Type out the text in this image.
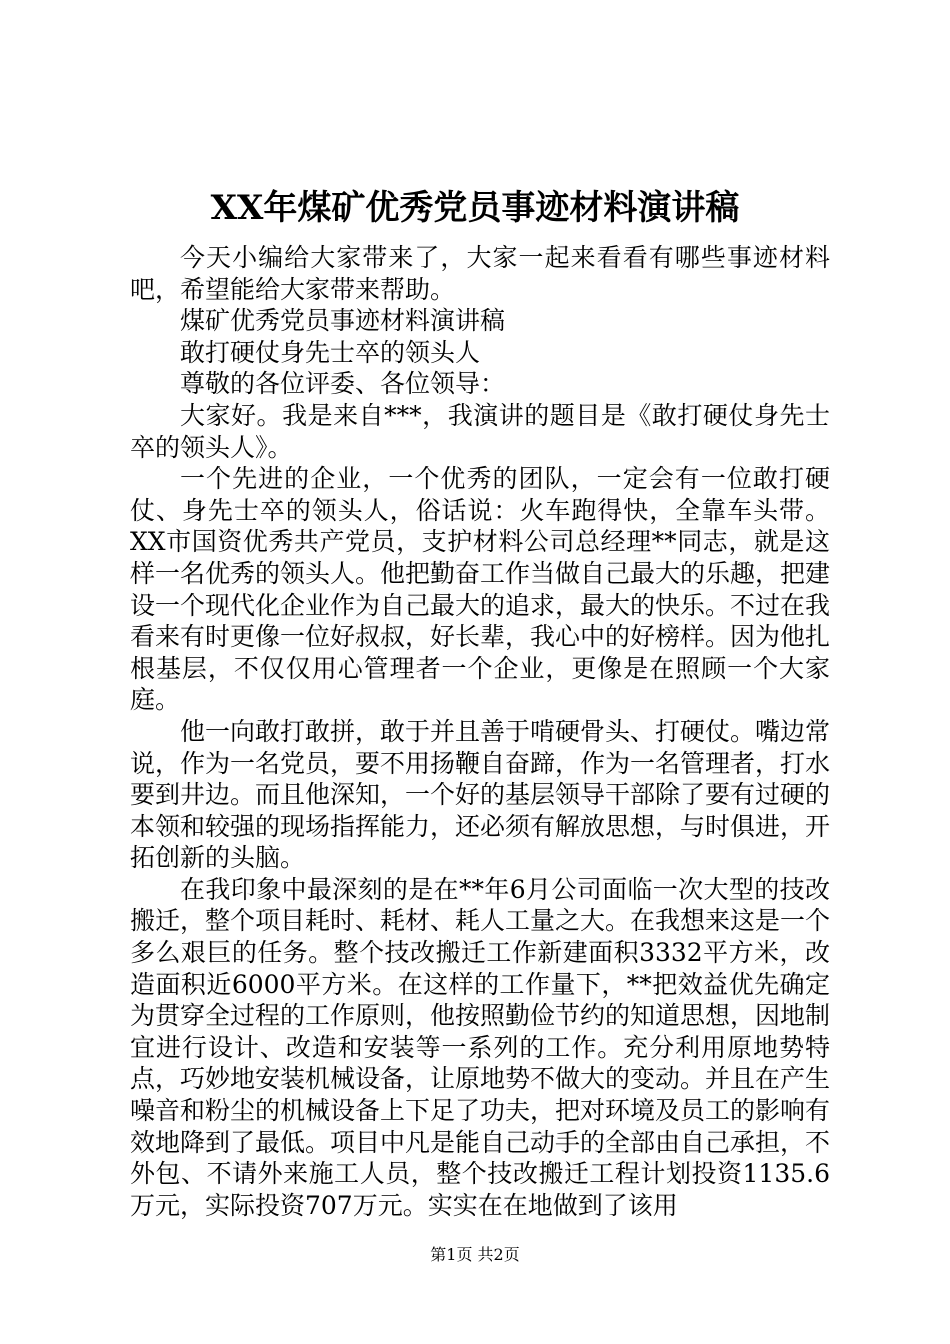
XX年煤矿优秀党员事迹材料演讲稿

今天小编给大家带来了，大家一起来看看有哪些事迹材料吧，希望能给大家带来帮助。

煤矿优秀党员事迹材料演讲稿

敢打硬仗身先士卒的领头人

尊敬的各位评委、各位领导：

大家好。我是来自***，我演讲的题目是《敢打硬仗身先士卒的领头人》。

一个先进的企业，一个优秀的团队，一定会有一位敢打硬仗、身先士卒的领头人，俗话说：火车跑得快，全靠车头带。XX市国资优秀共产党员，支护材料公司总经理**同志，就是这样一名优秀的领头人。他把勤奋工作当做自己最大的乐趣，把建设一个现代化企业作为自己最大的追求，最大的快乐。不过在我看来有时更像一位好叔叔，好长辈，我心中的好榜样。因为他扎根基层，不仅仅用心管理者一个企业，更像是在照顾一个大家庭。

他一向敢打敢拼，敢于并且善于啃硬骨头、打硬仗。嘴边常说，作为一名党员，要不用扬鞭自奋蹄，作为一名管理者，打水要到井边。而且他深知，一个好的基层领导干部除了要有过硬的本领和较强的现场指挥能力，还必须有解放思想，与时俱进，开拓创新的头脑。

在我印象中最深刻的是在**年6月公司面临一次大型的技改搬迁，整个项目耗时、耗材、耗人工量之大。在我想来这是一个多么艰巨的任务。整个技改搬迁工作新建面积3332平方米，改造面积近6000平方米。在这样的工作量下，**把效益优先确定为贯穿全过程的工作原则，他按照勤俭节约的知道思想，因地制宜进行设计、改造和安装等一系列的工作。充分利用原地势特点，巧妙地安装机械设备，让原地势不做大的变动。并且在产生噪音和粉尘的机械设备上下足了功夫，把对环境及员工的影响有效地降到了最低。项目中凡是能自己动手的全部由自己承担，不外包、不请外来施工人员，整个技改搬迁工程计划投资1135.6万元，实际投资707万元。实实在在地做到了该用

第1页 共2页
